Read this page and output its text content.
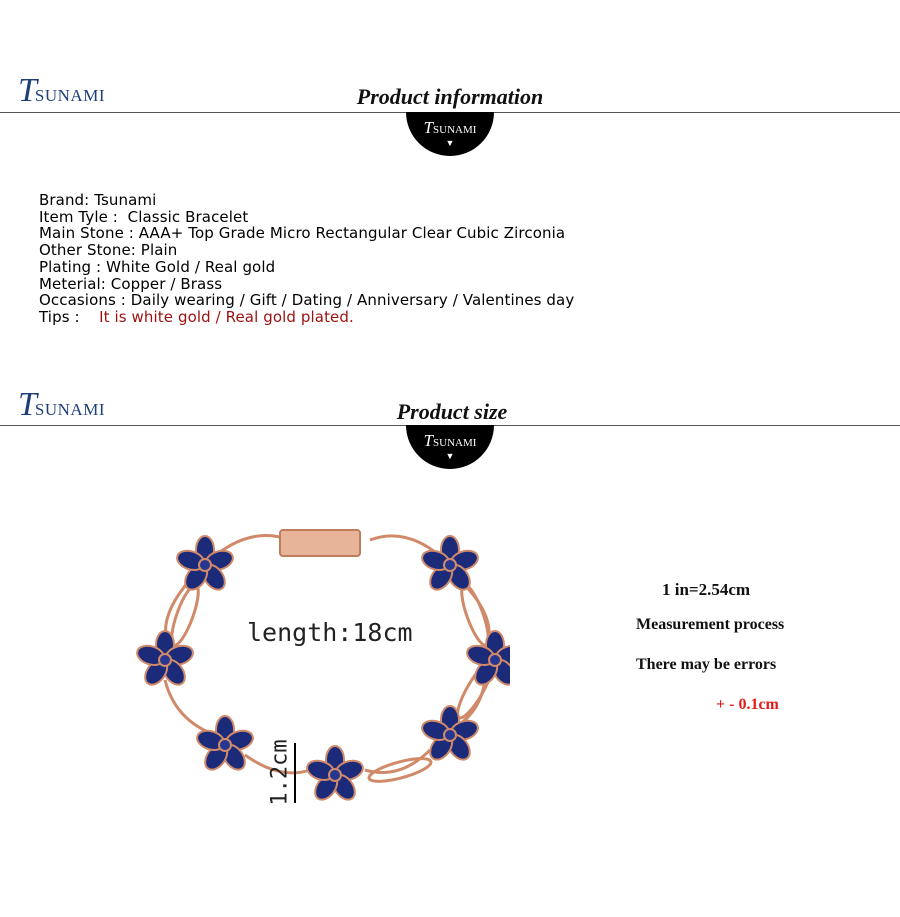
TSUNAMI	Product information
TSUNAMI
▼
Brand: Tsunami
Item Tyle :  Classic Bracelet
Main Stone : AAA+ Top Grade Micro Rectangular Clear Cubic Zirconia
Other Stone: Plain
Plating : White Gold / Real gold
Meterial: Copper / Brass
Occasions : Daily wearing / Gift / Dating / Anniversary / Valentines day
Tips :    It is white gold / Real gold plated.
TSUNAMI	Product size
TSUNAMI
▼
length:18cm
1.2cm
1 in=2.54cm
Measurement process
There may be errors
+ - 0.1cm
